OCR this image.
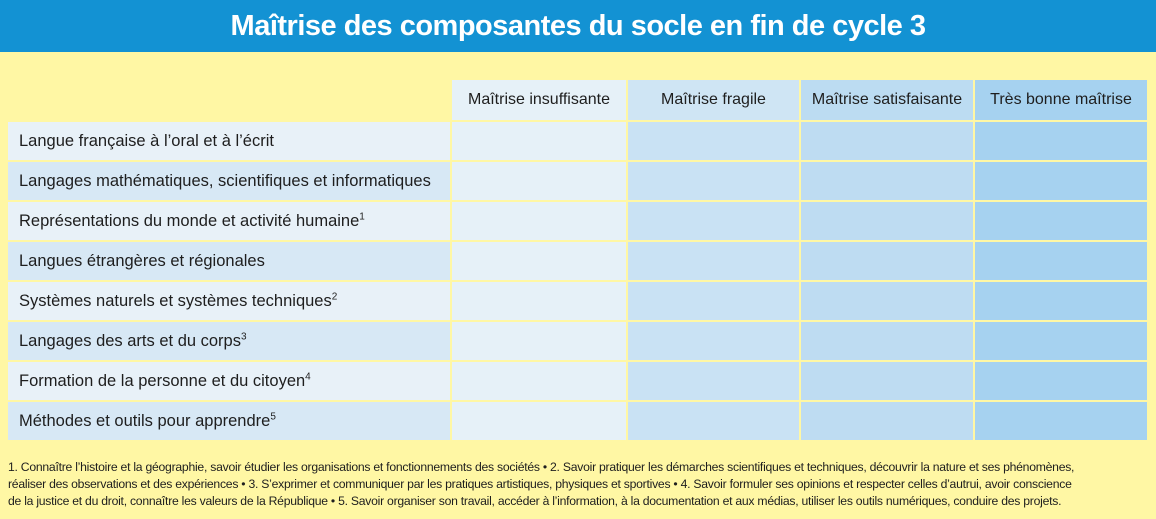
Maîtrise des composantes du socle en fin de cycle 3
	Maîtrise insuffisante	Maîtrise fragile	Maîtrise satisfaisante	Très bonne maîtrise
Langue française à l’oral et à l’écrit				
Langages mathématiques, scientifiques et informatiques				
Représentations du monde et activité humaine$^1$				
Langues étrangères et régionales				
Systèmes naturels et systèmes techniques$^2$				
Langages des arts et du corps$^3$				
Formation de la personne et du citoyen$^4$				
Méthodes et outils pour apprendre$^5$				

1. Connaître l’histoire et la géographie, savoir étudier les organisations et fonctionnements des sociétés • 2. Savoir pratiquer les démarches scientifiques et techniques, découvrir la nature et ses phénomènes,

réaliser des observations et des expériences • 3. S’exprimer et communiquer par les pratiques artistiques, physiques et sportives • 4. Savoir formuler ses opinions et respecter celles d’autrui, avoir conscience

de la justice et du droit, connaître les valeurs de la République • 5. Savoir organiser son travail, accéder à l’information, à la documentation et aux médias, utiliser les outils numériques, conduire des projets.
